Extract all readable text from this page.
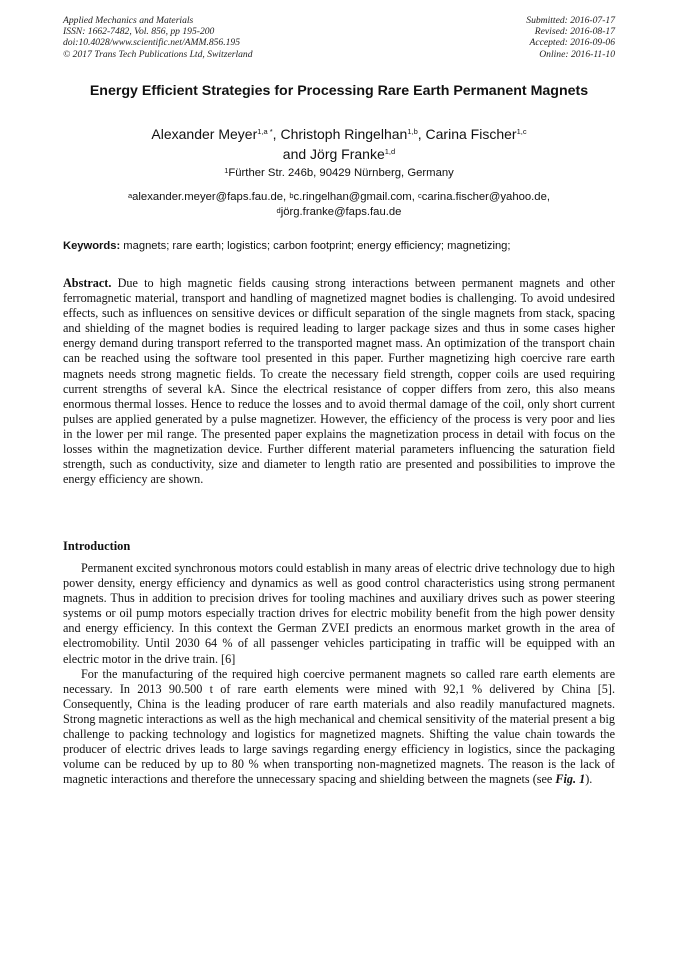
Applied Mechanics and Materials
ISSN: 1662-7482, Vol. 856, pp 195-200
doi:10.4028/www.scientific.net/AMM.856.195
© 2017 Trans Tech Publications Ltd, Switzerland
Submitted: 2016-07-17
Revised: 2016-08-17
Accepted: 2016-09-06
Online: 2016-11-10
Energy Efficient Strategies for Processing Rare Earth Permanent Magnets
Alexander Meyer$^{1,a *}$, Christoph Ringelhan$^{1,b}$, Carina Fischer$^{1,c}$
and Jörg Franke$^{1,d}$
$^1$Fürther Str. 246b, 90429 Nürnberg, Germany
$^a$alexander.meyer@faps.fau.de, $^b$c.ringelhan@gmail.com, $^c$carina.fischer@yahoo.de,
$^d$jörg.franke@faps.fau.de
Keywords: magnets; rare earth; logistics; carbon footprint; energy efficiency; magnetizing;
Abstract. Due to high magnetic fields causing strong interactions between permanent magnets and other ferromagnetic material, transport and handling of magnetized magnet bodies is challenging. To avoid undesired effects, such as influences on sensitive devices or difficult separation of the single magnets from stack, spacing and shielding of the magnet bodies is required leading to larger package sizes and thus in some cases higher energy demand during transport referred to the transported magnet mass. An optimization of the transport chain can be reached using the software tool presented in this paper. Further magnetizing high coercive rare earth magnets needs strong magnetic fields. To create the necessary field strength, copper coils are used requiring current strengths of several kA. Since the electrical resistance of copper differs from zero, this also means enormous thermal losses. Hence to reduce the losses and to avoid thermal damage of the coil, only short current pulses are applied generated by a pulse magnetizer. However, the efficiency of the process is very poor and lies in the lower per mil range. The presented paper explains the magnetization process in detail with focus on the losses within the magnetization device. Further different material parameters influencing the saturation field strength, such as conductivity, size and diameter to length ratio are presented and possibilities to improve the energy efficiency are shown.
Introduction

Permanent excited synchronous motors could establish in many areas of electric drive technology due to high power density, energy efficiency and dynamics as well as good control characteristics using strong permanent magnets. Thus in addition to precision drives for tooling machines and auxiliary drives such as power steering systems or oil pump motors especially traction drives for electric mobility benefit from the high power density and energy efficiency. In this context the German ZVEI predicts an enormous market growth in the area of electromobility. Until 2030 64 % of all passenger vehicles participating in traffic will be equipped with an electric motor in the drive train. [6]

For the manufacturing of the required high coercive permanent magnets so called rare earth elements are necessary. In 2013 90.500 t of rare earth elements were mined with 92,1 % delivered by China [5]. Consequently, China is the leading producer of rare earth materials and also readily manufactured magnets. Strong magnetic interactions as well as the high mechanical and chemical sensitivity of the material present a big challenge to packing technology and logistics for magnetized magnets. Shifting the value chain towards the producer of electric drives leads to large savings regarding energy efficiency in logistics, since the packaging volume can be reduced by up to 80 % when transporting non-magnetized magnets. The reason is the lack of magnetic interactions and therefore the unnecessary spacing and shielding between the magnets (see Fig. 1).
